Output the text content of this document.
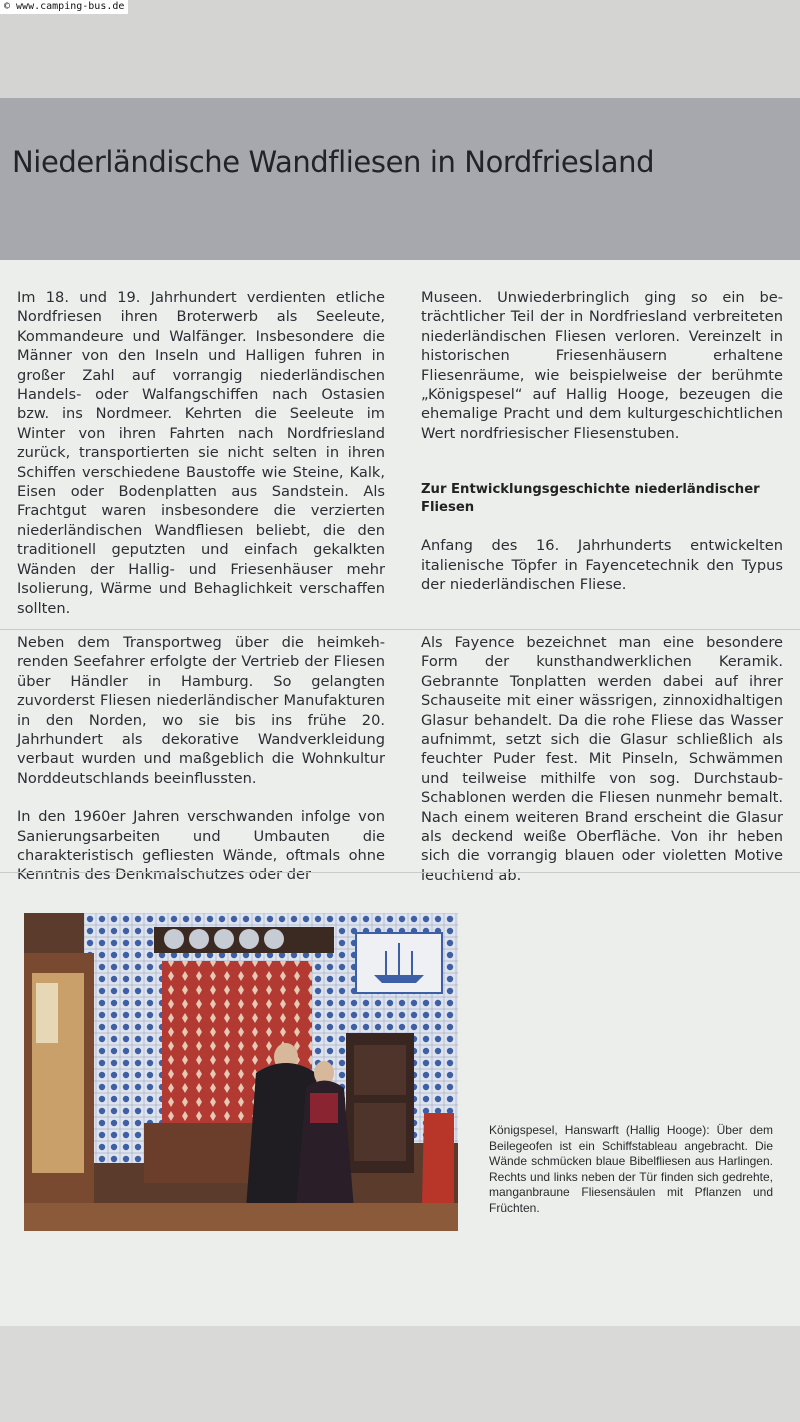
© www.camping-bus.de
Niederländische Wandfliesen in Nordfriesland

Im 18. und 19. Jahrhundert verdienten etliche Nordfriesen ihren Broterwerb als Seeleute, Kommandeure und Walfänger. Insbesondere die Männer von den Inseln und Halligen fuhren in großer Zahl auf vorrangig niederländischen Handels- oder Walfangschiffen nach Ostasien bzw. ins Nordmeer. Kehrten die Seeleute im Winter von ihren Fahrten nach Nordfriesland zurück, transportierten sie nicht selten in ihren Schiffen verschiedene Baustoffe wie Steine, Kalk, Eisen oder Bodenplatten aus Sandstein. Als Frachtgut waren insbesondere die verzierten niederländischen Wandfliesen beliebt, die den traditionell geputzten und einfach gekalkten Wänden der Hallig- und Friesenhäuser mehr Isolierung, Wärme und Behaglichkeit verschaffen sollten.

Neben dem Transportweg über die heimkehrenden Seefahrer erfolgte der Vertrieb der Fliesen über Händler in Hamburg. So gelangten zuvorderst Fliesen niederländischer Manufakturen in den Norden, wo sie bis ins frühe 20. Jahrhundert als dekorative Wandverkleidung verbaut wurden und maßgeblich die Wohnkultur Norddeutschlands beeinflussten.

In den 1960er Jahren verschwanden infolge von Sanierungsarbeiten und Umbauten die charakteristisch gefliesten Wände, oftmals ohne Kenntnis des Denkmalschutzes oder der

Museen. Unwiederbringlich ging so ein beträchtlicher Teil der in Nordfriesland verbreiteten niederländischen Fliesen verloren. Vereinzelt in historischen Friesenhäusern erhaltene Fliesenräume, wie beispielweise der berühmte „Königspesel“ auf Hallig Hooge, bezeugen die ehemalige Pracht und dem kulturgeschichtlichen Wert nordfriesischer Fliesenstuben.

Zur Entwicklungsgeschichte niederländischer Fliesen

Anfang des 16. Jahrhunderts entwickelten italienische Töpfer in Fayencetechnik den Typus der niederländischen Fliese.

Als Fayence bezeichnet man eine besondere Form der kunsthandwerklichen Keramik. Gebrannte Tonplatten werden dabei auf ihrer Schauseite mit einer wässrigen, zinnoxidhaltigen Glasur behandelt. Da die rohe Fliese das Wasser aufnimmt, setzt sich die Glasur schließlich als feuchter Puder fest. Mit Pinseln, Schwämmen und teilweise mithilfe von sog. Durchstaub-Schablonen werden die Fliesen nunmehr bemalt. Nach einem weiteren Brand erscheint die Glasur als deckend weiße Oberfläche. Von ihr heben sich die vorrangig blauen oder violetten Motive leuchtend ab.

Königspesel, Hanswarft (Hallig Hooge): Über dem Beilegeofen ist ein Schiffstableau angebracht. Die Wände schmücken blaue Bibelfliesen aus Harlingen. Rechts und links neben der Tür finden sich gedrehte, manganbraune Fliesensäulen mit Pflanzen und Früchten.
